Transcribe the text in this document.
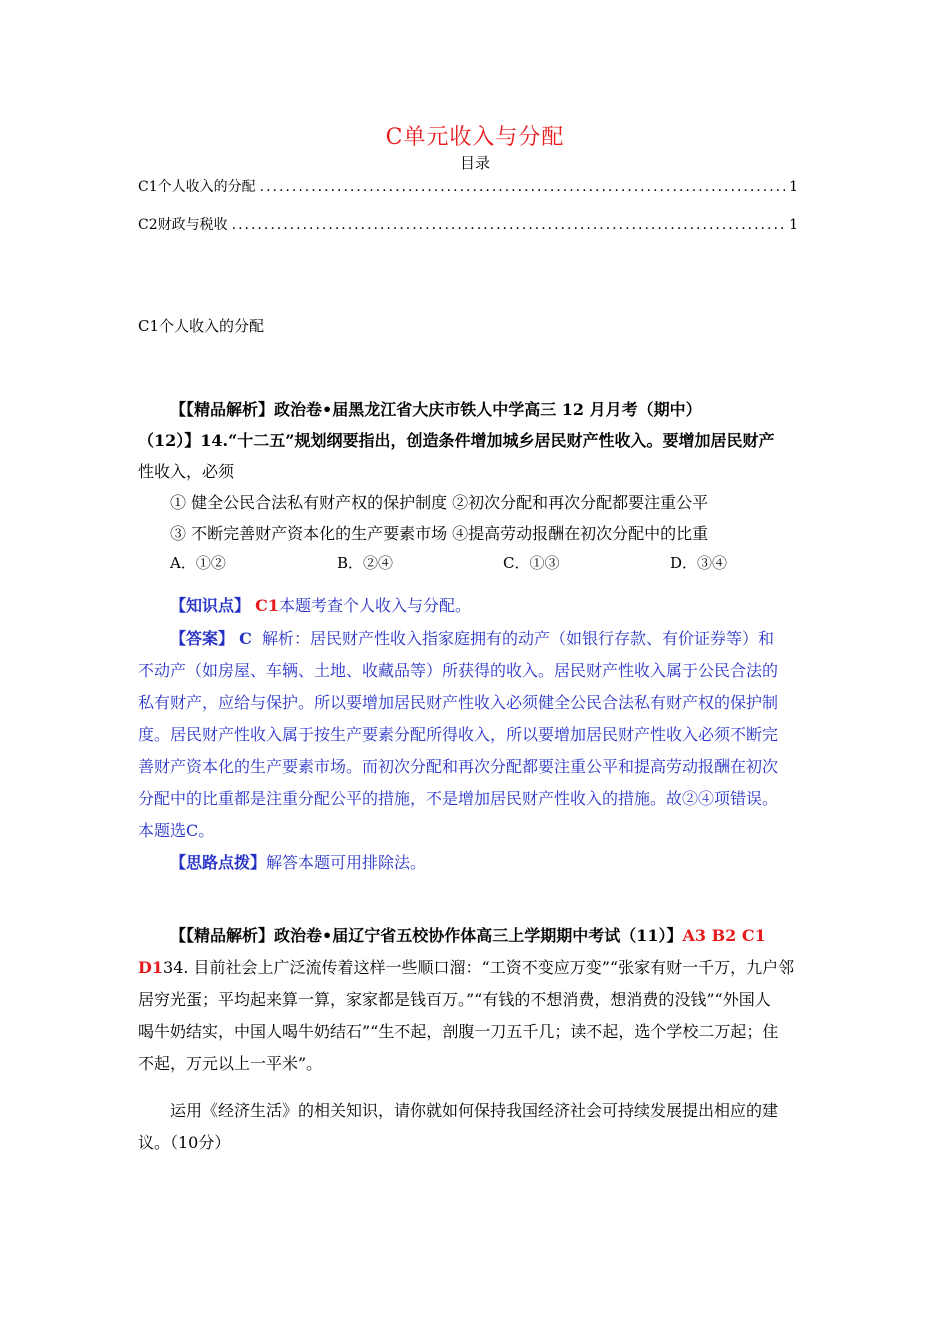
C单元收入与分配
目录
C1个人收入的分配 .....	1
C2财政与税收 .....	1
C1个人收入的分配
【【精品解析】政治卷•届黑龙江省大庆市铁人中学高三 12 月月考（期中）
（12）】14.“十二五”规划纲要指出，创造条件增加城乡居民财产性收入。要增加居民财产
性收入，必须
① 健全公民合法私有财产权的保护制度 ②初次分配和再次分配都要注重公平
③ 不断完善财产资本化的生产要素市场 ④提高劳动报酬在初次分配中的比重
A．①②	B．②④	C．①③	D．③④
【知识点】 C1本题考查个人收入与分配。
【答案】 C 解析：居民财产性收入指家庭拥有的动产（如银行存款、有价证券等）和
不动产（如房屋、车辆、土地、收藏品等）所获得的收入。居民财产性收入属于公民合法的
私有财产，应给与保护。所以要增加居民财产性收入必须健全公民合法私有财产权的保护制
度。居民财产性收入属于按生产要素分配所得收入，所以要增加居民财产性收入必须不断完
善财产资本化的生产要素市场。而初次分配和再次分配都要注重公平和提高劳动报酬在初次
分配中的比重都是注重分配公平的措施，不是增加居民财产性收入的措施。故②④项错误。
本题选C。
【思路点拨】解答本题可用排除法。
【【精品解析】政治卷•届辽宁省五校协作体高三上学期期中考试（11）】A3 B2 C1
D134. 目前社会上广泛流传着这样一些顺口溜：“工资不变应万变”“张家有财一千万，九户邻
居穷光蛋；平均起来算一算，家家都是钱百万。”“有钱的不想消费，想消费的没钱”“外国人
喝牛奶结实，中国人喝牛奶结石”“生不起，剖腹一刀五千几；读不起，选个学校二万起；住
不起，万元以上一平米”。
运用《经济生活》的相关知识，请你就如何保持我国经济社会可持续发展提出相应的建
议。（10分）
